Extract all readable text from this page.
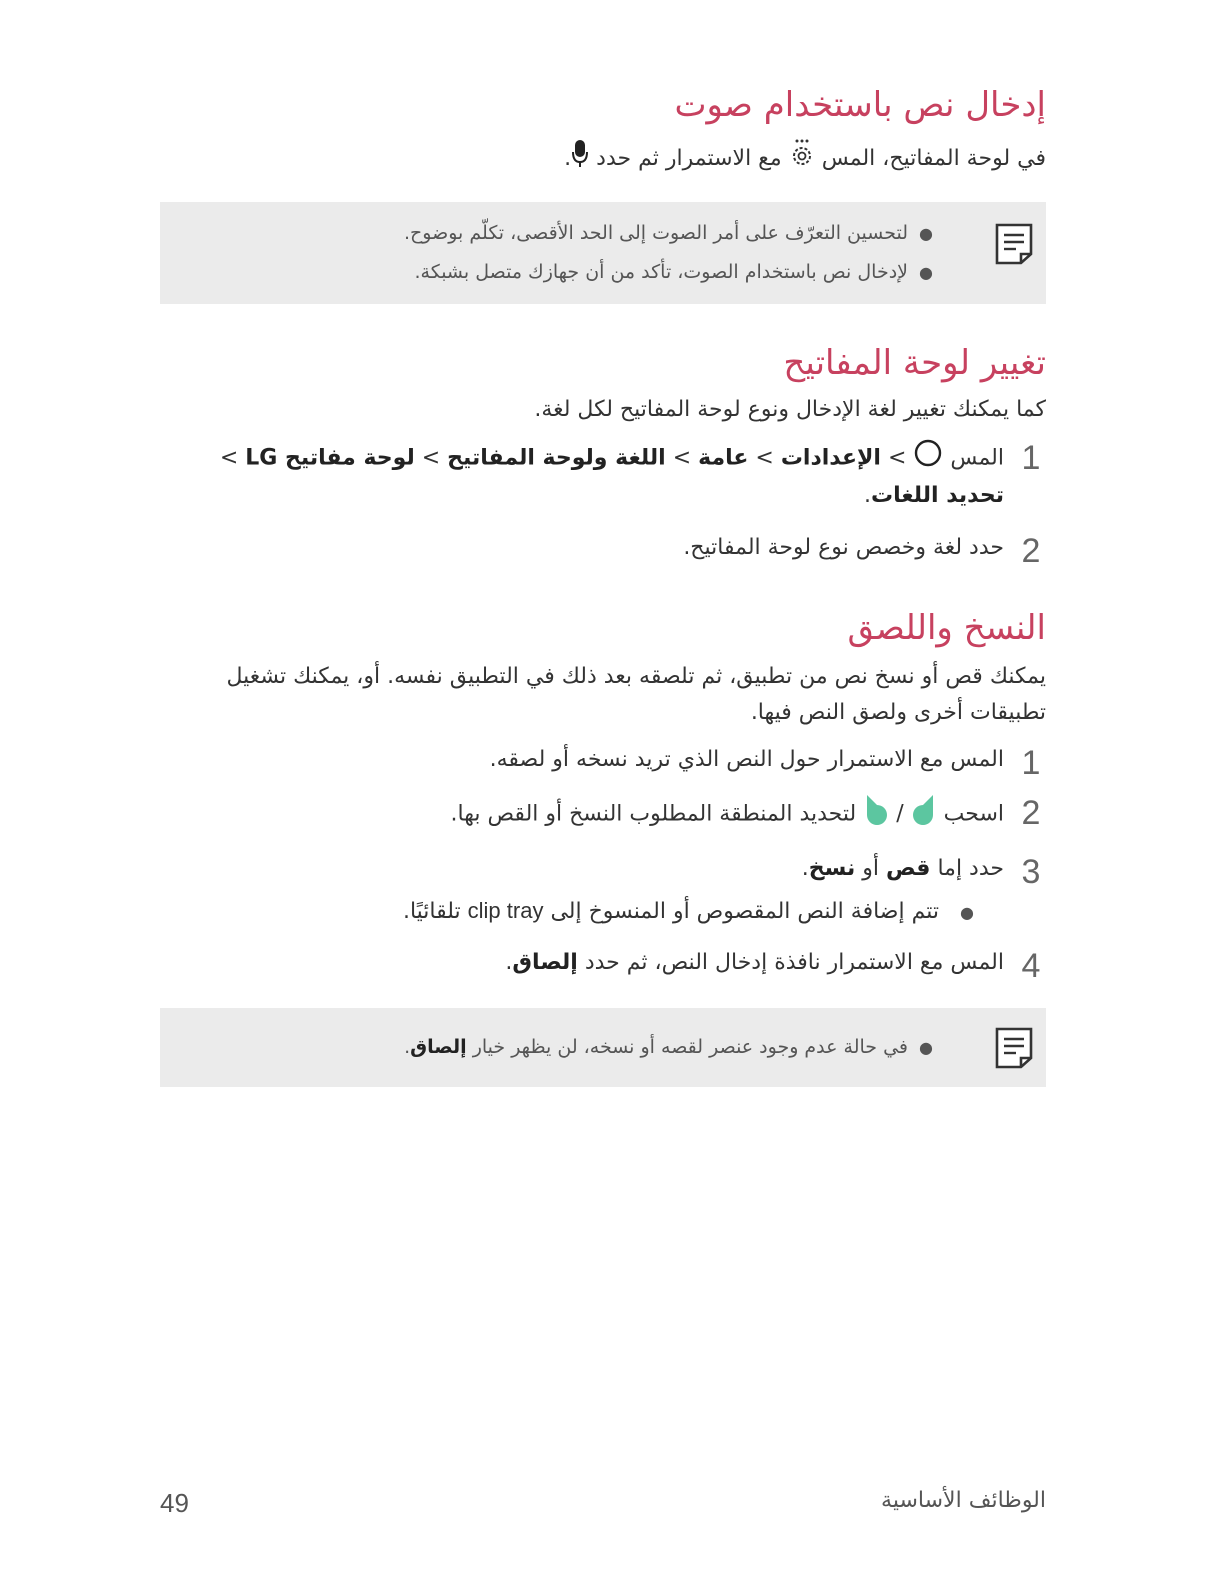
إدخال نص باستخدام صوت

في لوحة المفاتيح، المس  مع الاستمرار ثم حدد .

●لتحسين التعرّف على أمر الصوت إلى الحد الأقصى، تكلّم بوضوح.
●لإدخال نص باستخدام الصوت، تأكد من أن جهازك متصل بشبكة.
تغيير لوحة المفاتيح

كما يمكنك تغيير لغة الإدخال ونوع لوحة المفاتيح لكل لغة.

1
المس  > الإعدادات > عامة > اللغة ولوحة المفاتيح > لوحة مفاتيح LG > تحديد اللغات.
2
حدد لغة وخصص نوع لوحة المفاتيح.
النسخ واللصق

يمكنك قص أو نسخ نص من تطبيق، ثم تلصقه بعد ذلك في التطبيق نفسه. أو، يمكنك تشغيل

تطبيقات أخرى ولصق النص فيها.

1
المس مع الاستمرار حول النص الذي تريد نسخه أو لصقه.
2
اسحب  /  لتحديد المنطقة المطلوب النسخ أو القص بها.
3
حدد إما قص أو نسخ.
● تتم إضافة النص المقصوص أو المنسوخ إلى clip tray تلقائيًا.
4
المس مع الاستمرار نافذة إدخال النص، ثم حدد إلصاق.
●في حالة عدم وجود عنصر لقصه أو نسخه، لن يظهر خيار إلصاق.
الوظائف الأساسية
49
